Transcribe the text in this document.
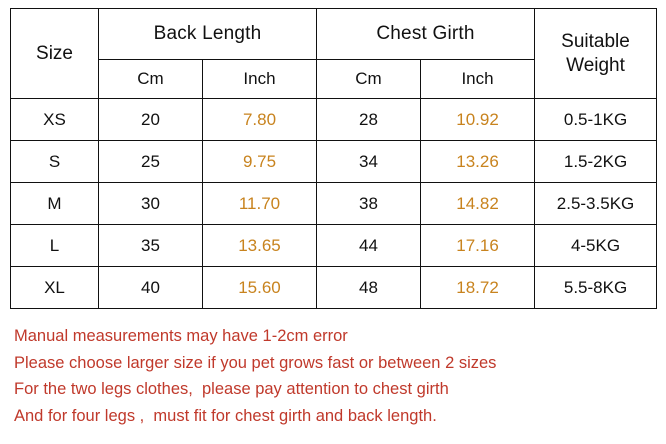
Size	Back Length		Chest Girth		Suitable Weight
	Cm	Inch	Cm	Inch	
XS	20	7.80	28	10.92	0.5-1KG
S	25	9.75	34	13.26	1.5-2KG
M	30	11.70	38	14.82	2.5-3.5KG
L	35	13.65	44	17.16	4-5KG
XL	40	15.60	48	18.72	5.5-8KG
Manual measurements may have 1-2cm error
Please choose larger size if you pet grows fast or between 2 sizes
For the two legs clothes,  please pay attention to chest girth
And for four legs ,  must fit for chest girth and back length.
